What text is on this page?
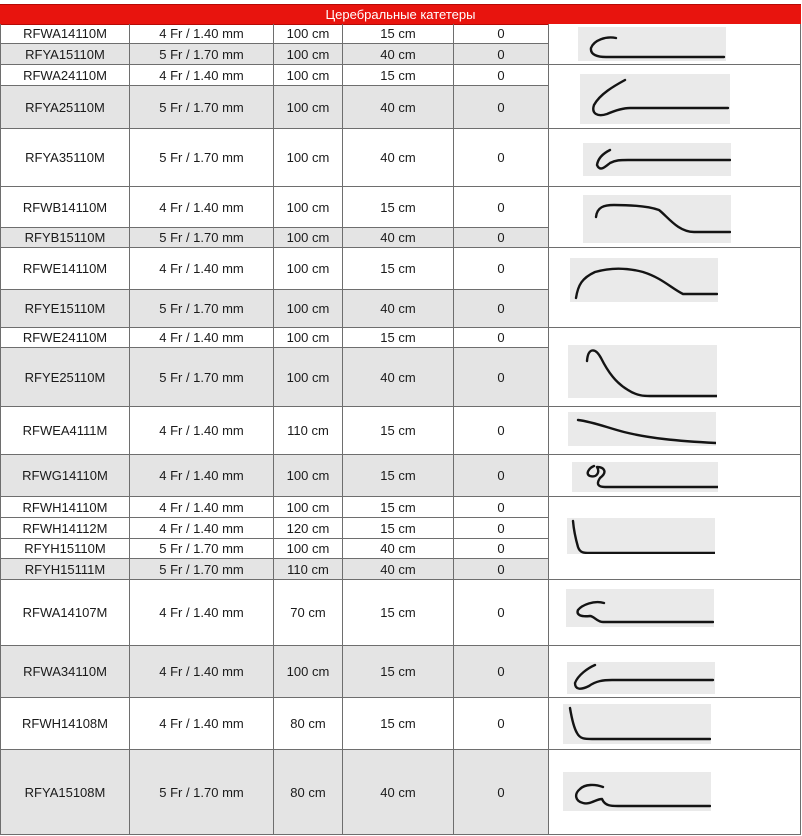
Церебральные катетеры
RFWA14110M	4 Fr / 1.40 mm	100 cm	15 cm	0
RFYA15110M	5 Fr / 1.70 mm	100 cm	40 cm	0
RFWA24110M	4 Fr / 1.40 mm	100 cm	15 cm	0
RFYA25110M	5 Fr / 1.70 mm	100 cm	40 cm	0
RFYA35110M	5 Fr / 1.70 mm	100 cm	40 cm	0
RFWB14110M	4 Fr / 1.40 mm	100 cm	15 cm	0
RFYB15110M	5 Fr / 1.70 mm	100 cm	40 cm	0
RFWE14110M	4 Fr / 1.40 mm	100 cm	15 cm	0
RFYE15110M	5 Fr / 1.70 mm	100 cm	40 cm	0
RFWE24110M	4 Fr / 1.40 mm	100 cm	15 cm	0
RFYE25110M	5 Fr / 1.70 mm	100 cm	40 cm	0
RFWEA4111M	4 Fr / 1.40 mm	110 cm	15 cm	0
RFWG14110M	4 Fr / 1.40 mm	100 cm	15 cm	0
RFWH14110M	4 Fr / 1.40 mm	100 cm	15 cm	0
RFWH14112M	4 Fr / 1.40 mm	120 cm	15 cm	0
RFYH15110M	5 Fr / 1.70 mm	100 cm	40 cm	0
RFYH15111M	5 Fr / 1.70 mm	110 cm	40 cm	0
RFWA14107M	4 Fr / 1.40 mm	70 cm	15 cm	0
RFWA34110M	4 Fr / 1.40 mm	100 cm	15 cm	0
RFWH14108M	4 Fr / 1.40 mm	80 cm	15 cm	0
RFYA15108M	5 Fr / 1.70 mm	80 cm	40 cm	0
